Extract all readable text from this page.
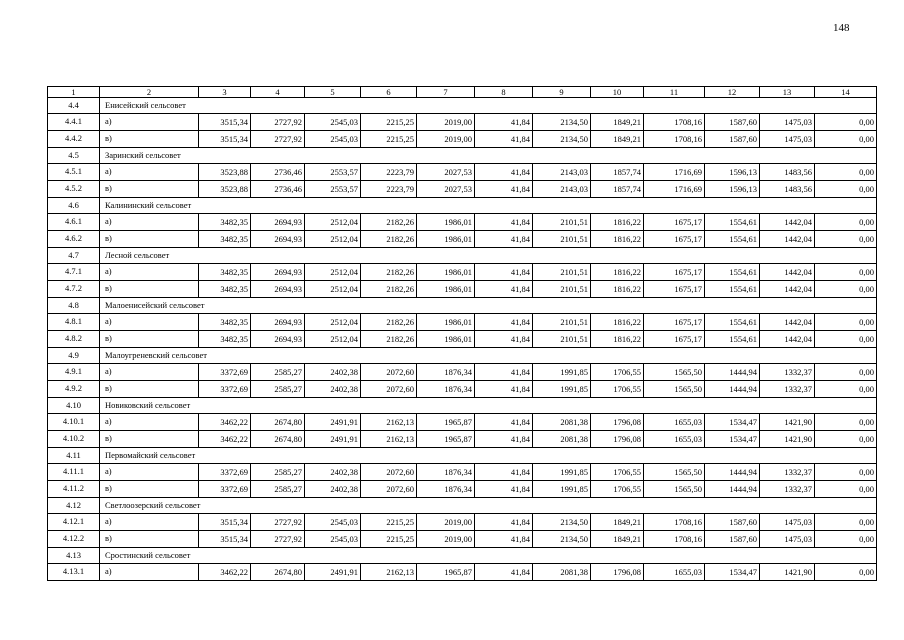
148
1	2	3	4	5	6	7	8	9	10	11	12	13	14
4.4	Енисейский сельсовет												
4.4.1	а)	3515,34	2727,92	2545,03	2215,25	2019,00	41,84	2134,50	1849,21	1708,16	1587,60	1475,03	0,00
4.4.2	в)	3515,34	2727,92	2545,03	2215,25	2019,00	41,84	2134,50	1849,21	1708,16	1587,60	1475,03	0,00
4.5	Заринский сельсовет												
4.5.1	а)	3523,88	2736,46	2553,57	2223,79	2027,53	41,84	2143,03	1857,74	1716,69	1596,13	1483,56	0,00
4.5.2	в)	3523,88	2736,46	2553,57	2223,79	2027,53	41,84	2143,03	1857,74	1716,69	1596,13	1483,56	0,00
4.6	Калининский сельсовет												
4.6.1	а)	3482,35	2694,93	2512,04	2182,26	1986,01	41,84	2101,51	1816,22	1675,17	1554,61	1442,04	0,00
4.6.2	в)	3482,35	2694,93	2512,04	2182,26	1986,01	41,84	2101,51	1816,22	1675,17	1554,61	1442,04	0,00
4.7	Лесной сельсовет												
4.7.1	а)	3482,35	2694,93	2512,04	2182,26	1986,01	41,84	2101,51	1816,22	1675,17	1554,61	1442,04	0,00
4.7.2	в)	3482,35	2694,93	2512,04	2182,26	1986,01	41,84	2101,51	1816,22	1675,17	1554,61	1442,04	0,00
4.8	Малоенисейский сельсовет												
4.8.1	а)	3482,35	2694,93	2512,04	2182,26	1986,01	41,84	2101,51	1816,22	1675,17	1554,61	1442,04	0,00
4.8.2	в)	3482,35	2694,93	2512,04	2182,26	1986,01	41,84	2101,51	1816,22	1675,17	1554,61	1442,04	0,00
4.9	Малоугреневский сельсовет												
4.9.1	а)	3372,69	2585,27	2402,38	2072,60	1876,34	41,84	1991,85	1706,55	1565,50	1444,94	1332,37	0,00
4.9.2	в)	3372,69	2585,27	2402,38	2072,60	1876,34	41,84	1991,85	1706,55	1565,50	1444,94	1332,37	0,00
4.10	Новиковский сельсовет												
4.10.1	а)	3462,22	2674,80	2491,91	2162,13	1965,87	41,84	2081,38	1796,08	1655,03	1534,47	1421,90	0,00
4.10.2	в)	3462,22	2674,80	2491,91	2162,13	1965,87	41,84	2081,38	1796,08	1655,03	1534,47	1421,90	0,00
4.11	Первомайский сельсовет												
4.11.1	а)	3372,69	2585,27	2402,38	2072,60	1876,34	41,84	1991,85	1706,55	1565,50	1444,94	1332,37	0,00
4.11.2	в)	3372,69	2585,27	2402,38	2072,60	1876,34	41,84	1991,85	1706,55	1565,50	1444,94	1332,37	0,00
4.12	Светлоозерский сельсовет												
4.12.1	а)	3515,34	2727,92	2545,03	2215,25	2019,00	41,84	2134,50	1849,21	1708,16	1587,60	1475,03	0,00
4.12.2	в)	3515,34	2727,92	2545,03	2215,25	2019,00	41,84	2134,50	1849,21	1708,16	1587,60	1475,03	0,00
4.13	Сростинский сельсовет												
4.13.1	а)	3462,22	2674,80	2491,91	2162,13	1965,87	41,84	2081,38	1796,08	1655,03	1534,47	1421,90	0,00
